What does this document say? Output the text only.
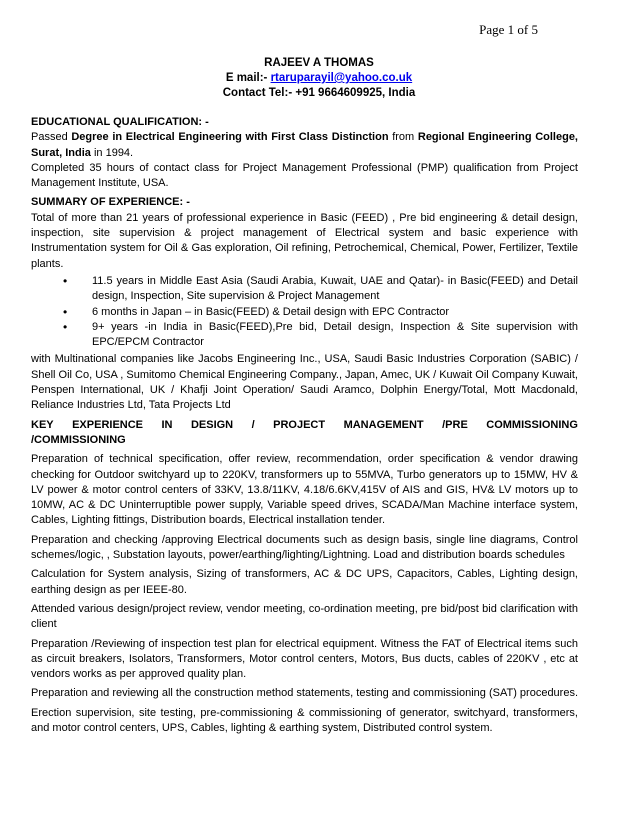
Page 1 of 5
RAJEEV A THOMAS
E mail:- rtaruparayil@yahoo.co.uk
Contact Tel:- +91 9664609925, India

EDUCATIONAL QUALIFICATION: -

Passed Degree in Electrical Engineering with First Class Distinction from Regional Engineering College, Surat, India in 1994.

Completed 35 hours of contact class for Project Management Professional (PMP) qualification from Project Management Institute, USA.

SUMMARY OF EXPERIENCE: -

Total of more than 21 years of professional experience in Basic (FEED) , Pre bid engineering & detail design, inspection, site supervision & project management of Electrical system and basic experience with Instrumentation system for Oil & Gas exploration, Oil refining, Petrochemical, Chemical, Power, Fertilizer, Textile plants.

• 11.5 years in Middle East Asia (Saudi Arabia, Kuwait, UAE and Qatar)- in Basic(FEED) and Detail design, Inspection, Site supervision & Project Management
• 6 months in Japan – in Basic(FEED) & Detail design with EPC Contractor
• 9+ years -in India in Basic(FEED),Pre bid, Detail design, Inspection & Site supervision with EPC/EPCM Contractor

with Multinational companies like Jacobs Engineering Inc., USA, Saudi Basic Industries Corporation (SABIC) / Shell Oil Co, USA , Sumitomo Chemical Engineering Company., Japan, Amec, UK / Kuwait Oil Company Kuwait, Penspen International, UK / Khafji Joint Operation/ Saudi Aramco, Dolphin Energy/Total, Mott Macdonald, Reliance Industries Ltd, Tata Projects Ltd

KEY EXPERIENCE IN DESIGN / PROJECT MANAGEMENT /PRE COMMISSIONING

/COMMISSIONING

Preparation of technical specification, offer review, recommendation, order specification & vendor drawing checking for Outdoor switchyard up to 220KV, transformers up to 55MVA, Turbo generators up to 15MW, HV & LV power & motor control centers of 33KV, 13.8/11KV, 4.18/6.6KV,415V of AIS and GIS, HV& LV motors up to 10MW, AC & DC Uninterruptible power supply, Variable speed drives, SCADA/Man Machine interface system, Cables, Lighting fittings, Distribution boards, Electrical installation tender.

Preparation and checking /approving Electrical documents such as design basis, single line diagrams, Control schemes/logic, , Substation layouts, power/earthing/lighting/Lightning. Load and distribution boards schedules

Calculation for System analysis, Sizing of transformers, AC & DC UPS, Capacitors, Cables, Lighting design, earthing design as per IEEE-80.

Attended various design/project review, vendor meeting, co-ordination meeting, pre bid/post bid clarification with client

Preparation /Reviewing of inspection test plan for electrical equipment. Witness the FAT of Electrical items such as circuit breakers, Isolators, Transformers, Motor control centers, Motors, Bus ducts, cables of 220KV , etc at vendors works as per approved quality plan.

Preparation and reviewing all the construction method statements, testing and commissioning (SAT) procedures.

Erection supervision, site testing, pre-commissioning & commissioning of generator, switchyard, transformers, and motor control centers, UPS, Cables, lighting & earthing system, Distributed control system.
